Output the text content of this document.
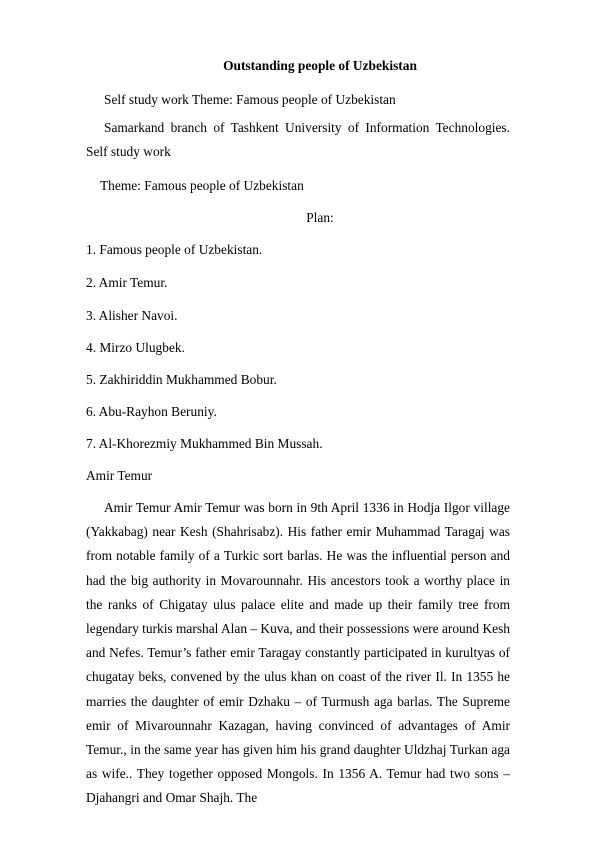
Outstanding people of Uzbekistan
Self study work Theme: Famous people of Uzbekistan

Samarkand branch of Tashkent University of Information Technologies. Self study work

Theme: Famous people of Uzbekistan
Plan:
1. Famous people of Uzbekistan.
2. Amir Temur.
3. Alisher Navoi.
4. Mirzo Ulugbek.
5. Zakhiriddin Mukhammed Bobur.
6. Abu-Rayhon Beruniy.
7. Al-Khorezmiy Mukhammed Bin Mussah.
Amir Temur

Amir Temur Amir Temur was born in 9th April 1336 in Hodja Ilgor village (Yakkabag) near Kesh (Shahrisabz). His father emir Muhammad Taragaj was from notable family of a Turkic sort barlas. He was the influential person and had the big authority in Movarounnahr. His ancestors took a worthy place in the ranks of Chigatay ulus palace elite and made up their family tree from legendary turkis marshal Alan – Kuva, and their possessions were around Kesh and Nefes. Temur’s father emir Taragay constantly participated in kurultyas of chugatay beks, convened by the ulus khan on coast of the river Il. In 1355 he marries the daughter of emir Dzhaku – of Turmush aga barlas. The Supreme emir of Mivarounnahr Kazagan, having convinced of advantages of Amir Temur., in the same year has given him his grand daughter Uldzhaj Turkan aga as wife.. They together opposed Mongols. In 1356 A. Temur had two sons – Djahangri and Omar Shajh. The
